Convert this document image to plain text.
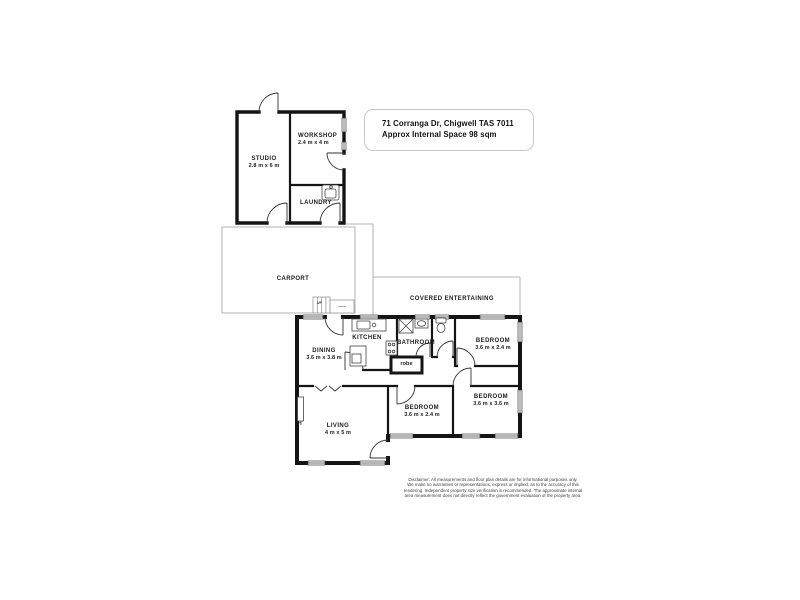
71 Corranga Dr, Chigwell TAS 7011
Approx Internal Space 98 sqm
STUDIO
2.8 m x 6 m
WORKSHOP
2.4 m x 4 m
LAUNDRY
CARPORT
COVERED ENTERTAINING
DINING
3.6 m x 3.8 m
KITCHEN
BATHROOM
robe
BEDROOM
3.6 m x 2.4 m
BEDROOM
3.6 m x 2.4 m
BEDROOM
3.6 m x 3.6 m
LIVING
4 m x 5 m
H
UP
Disclaimer: All measurements and floor plan details are for informational purposes only.
We make no warranties or representations, express or implied, as to the accuracy of this
rendering. Independent property size verification is recommended. The approximate internal
area measurement does not directly reflect the government evaluation of the property area.
